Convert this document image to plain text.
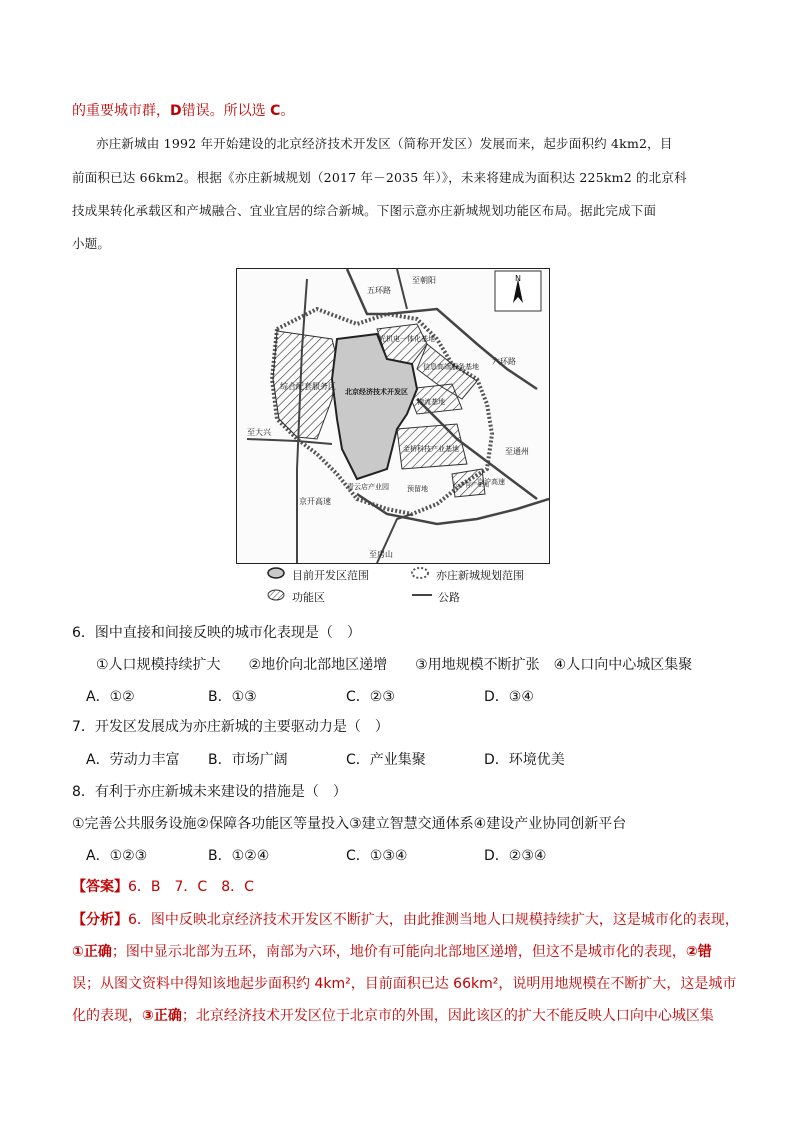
的重要城市群，D错误。所以选 C。
亦庄新城由 1992 年开始建设的北京经济技术开发区（简称开发区）发展而来，起步面积约 4km2，目
前面积已达 66km2。根据《亦庄新城规划（2017 年－2035 年）》，未来将建成为面积达 225km2 的北京科
技成果转化承载区和产城融合、宜业宜居的综合新城。下图示意亦庄新城规划功能区布局。据此完成下面
小题。
N
至朝阳
五环路
六环路
京沪高速
至通州
至大兴
京开高速
至房山
综合配套服务区
光机电一体化基地
北京经济技术开发区
信息高端服务基地
物流基地
金桥科技产业基地
青云店产业园	预留地	长子营产业园
目前开发区范围	亦庄新城规划范围
功能区	公路
6．图中直接和间接反映的城市化表现是（　）
①人口规模持续扩大　　②地价向北部地区递增　　③用地规模不断扩张　④人口向中心城区集聚
A．①②	B．①③	C．②③	D．③④
7．开发区发展成为亦庄新城的主要驱动力是（　）
A．劳动力丰富 B．市场广阔	C．产业集聚	D．环境优美
8．有利于亦庄新城未来建设的措施是（　）
①完善公共服务设施②保障各功能区等量投入③建立智慧交通体系④建设产业协同创新平台
A．①②③	B．①②④	C．①③④	D．②③④
【答案】6．B　7．C　8．C
【分析】6．图中反映北京经济技术开发区不断扩大，由此推测当地人口规模持续扩大，这是城市化的表现，
①正确；图中显示北部为五环，南部为六环，地价有可能向北部地区递增，但这不是城市化的表现，②错
误；从图文资料中得知该地起步面积约 4km²，目前面积已达 66km²，说明用地规模在不断扩大，这是城市
化的表现，③正确；北京经济技术开发区位于北京市的外围，因此该区的扩大不能反映人口向中心城区集
